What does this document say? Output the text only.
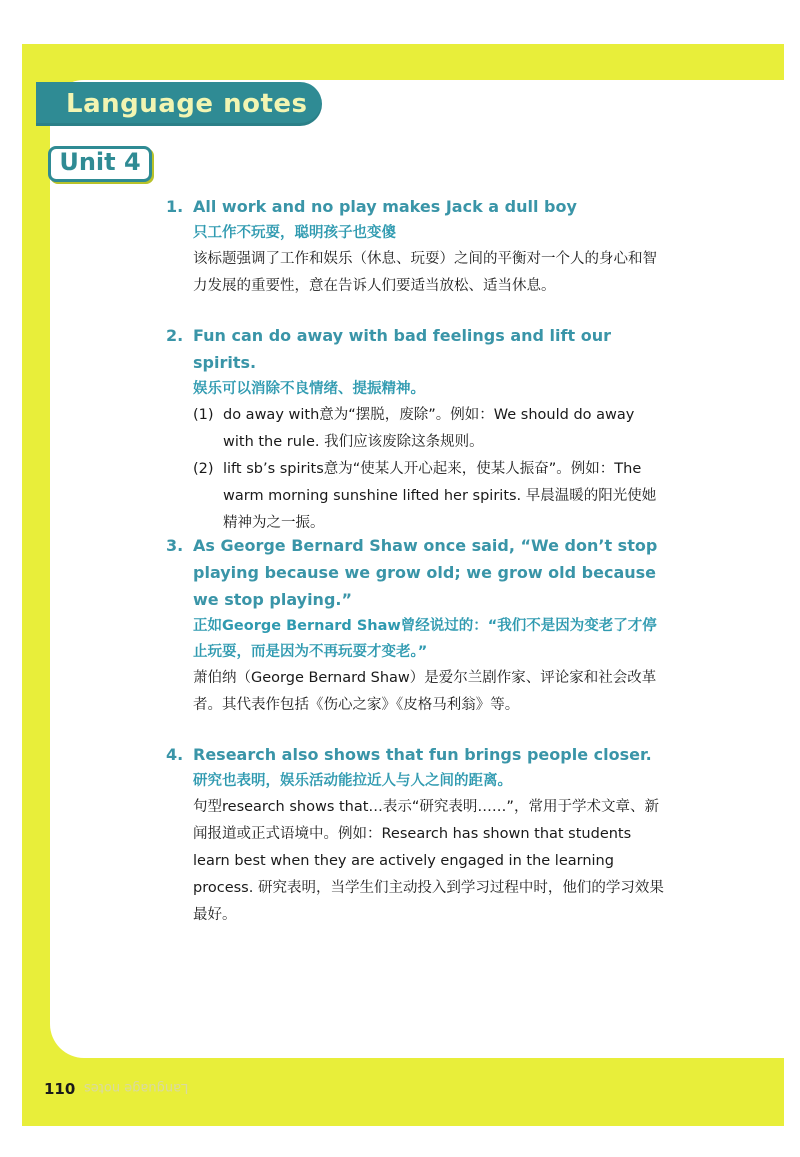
Language notes
Unit 4
1. All work and no play makes Jack a dull boy
只工作不玩耍，聪明孩子也变傻
该标题强调了工作和娱乐（休息、玩耍）之间的平衡对一个人的身心和智力发展的重要性，意在告诉人们要适当放松、适当休息。
2. Fun can do away with bad feelings and lift our spirits.
娱乐可以消除不良情绪、提振精神。
(1) do away with意为“摆脱，废除”。例如：We should do away with the rule. 我们应该废除这条规则。
(2) lift sb’s spirits意为“使某人开心起来，使某人振奋”。例如：The warm morning sunshine lifted her spirits. 早晨温暖的阳光使她精神为之一振。
3. As George Bernard Shaw once said, “We don’t stop playing because we grow old; we grow old because we stop playing.”
正如George Bernard Shaw曾经说过的：“我们不是因为变老了才停止玩耍，而是因为不再玩耍才变老。”
萧伯纳（George Bernard Shaw）是爱尔兰剧作家、评论家和社会改革者。其代表作包括《伤心之家》《皮格马利翁》等。
4. Research also shows that fun brings people closer.
研究也表明，娱乐活动能拉近人与人之间的距离。
句型research shows that…表示“研究表明……”，常用于学术文章、新闻报道或正式语境中。例如：Research has shown that students learn best when they are actively engaged in the learning process. 研究表明，当学生们主动投入到学习过程中时，他们的学习效果最好。
110 Language notes
